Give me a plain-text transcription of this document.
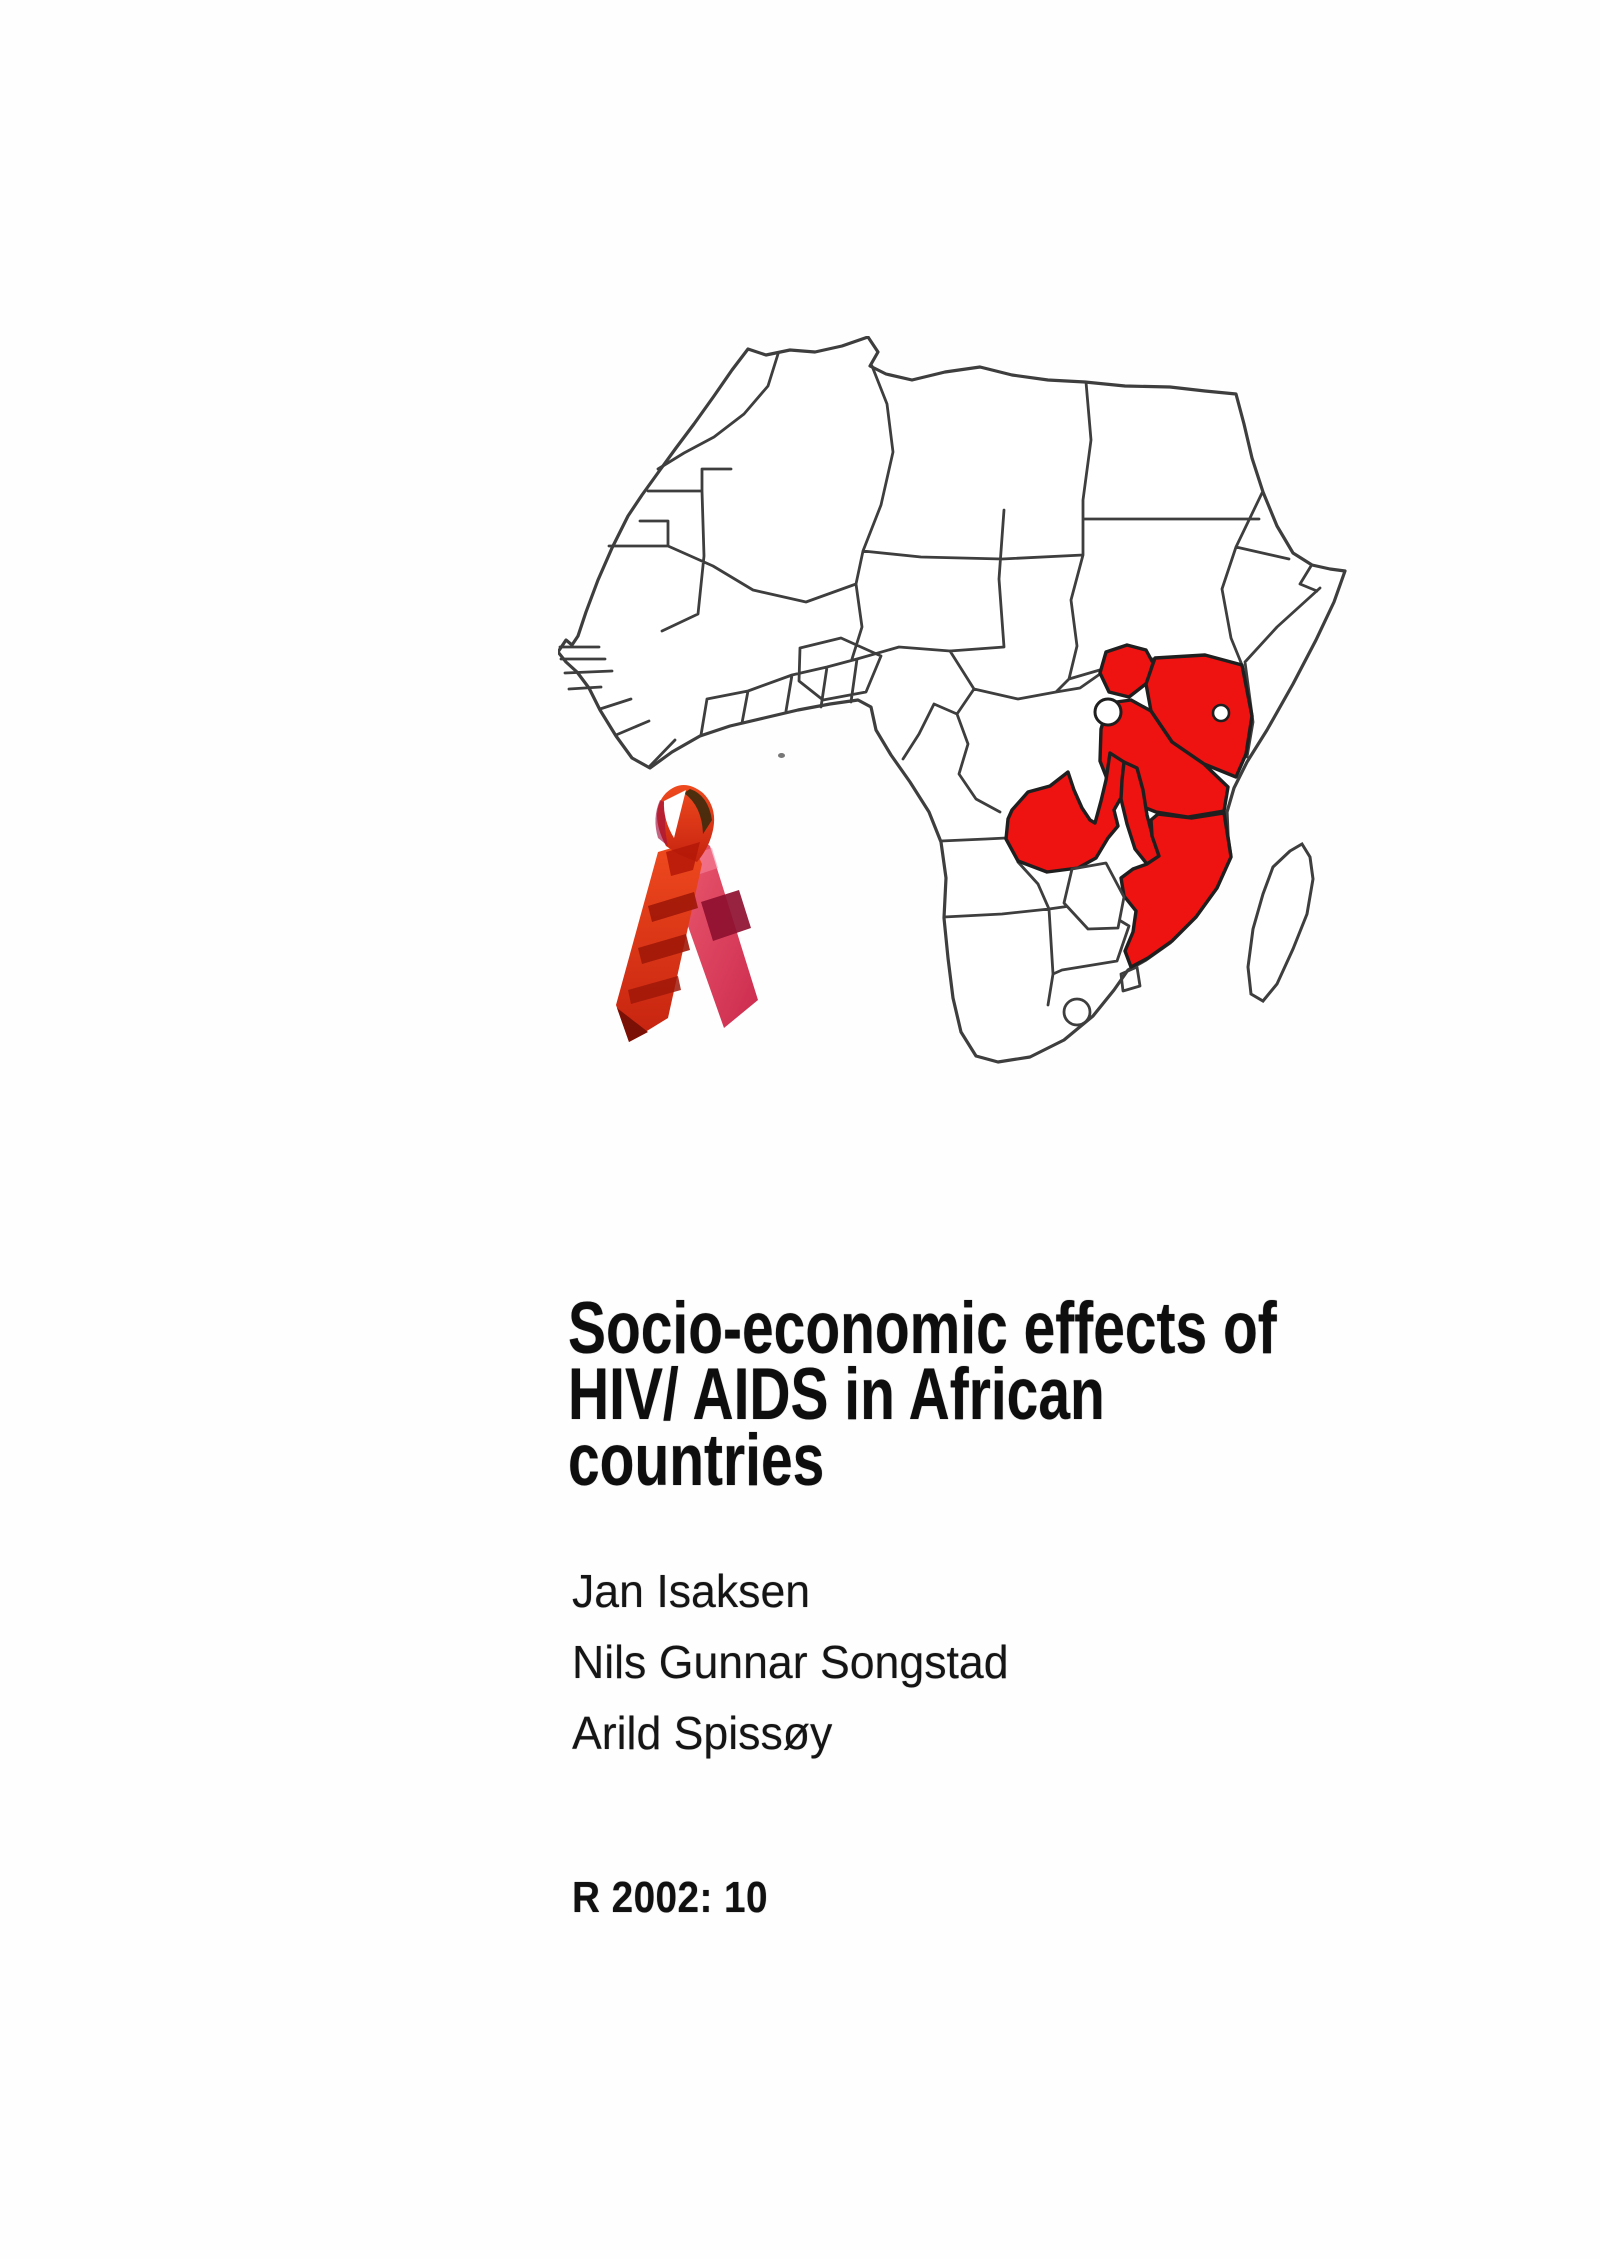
Socio-economic effects of
HIV/ AIDS in African
countries
Jan Isaksen
Nils Gunnar Songstad
Arild Spissøy
R 2002: 10
